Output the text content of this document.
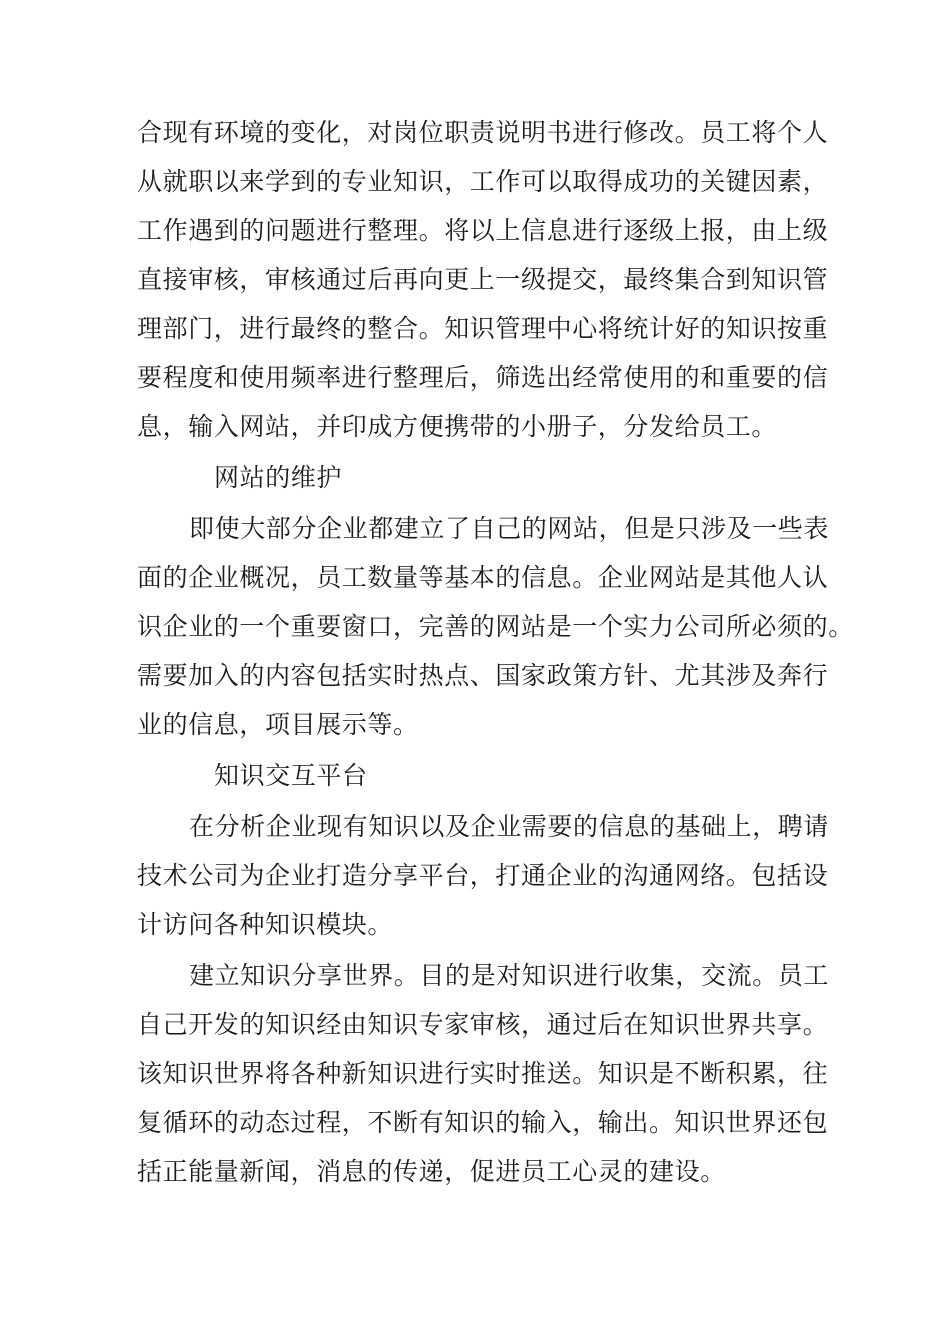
合现有环境的变化，对岗位职责说明书进行修改。员工将个人
从就职以来学到的专业知识，工作可以取得成功的关键因素，
工作遇到的问题进行整理。将以上信息进行逐级上报，由上级
直接审核，审核通过后再向更上一级提交，最终集合到知识管
理部门，进行最终的整合。知识管理中心将统计好的知识按重
要程度和使用频率进行整理后，筛选出经常使用的和重要的信
息，输入网站，并印成方便携带的小册子，分发给员工。
网站的维护
即使大部分企业都建立了自己的网站，但是只涉及一些表
面的企业概况，员工数量等基本的信息。企业网站是其他人认
识企业的一个重要窗口，完善的网站是一个实力公司所必须的。
需要加入的内容包括实时热点、国家政策方针、尤其涉及奔行
业的信息，项目展示等。
知识交互平台
在分析企业现有知识以及企业需要的信息的基础上，聘请
技术公司为企业打造分享平台，打通企业的沟通网络。包括设
计访问各种知识模块。
建立知识分享世界。目的是对知识进行收集，交流。员工
自己开发的知识经由知识专家审核，通过后在知识世界共享。
该知识世界将各种新知识进行实时推送。知识是不断积累，往
复循环的动态过程，不断有知识的输入，输出。知识世界还包
括正能量新闻，消息的传递，促进员工心灵的建设。
